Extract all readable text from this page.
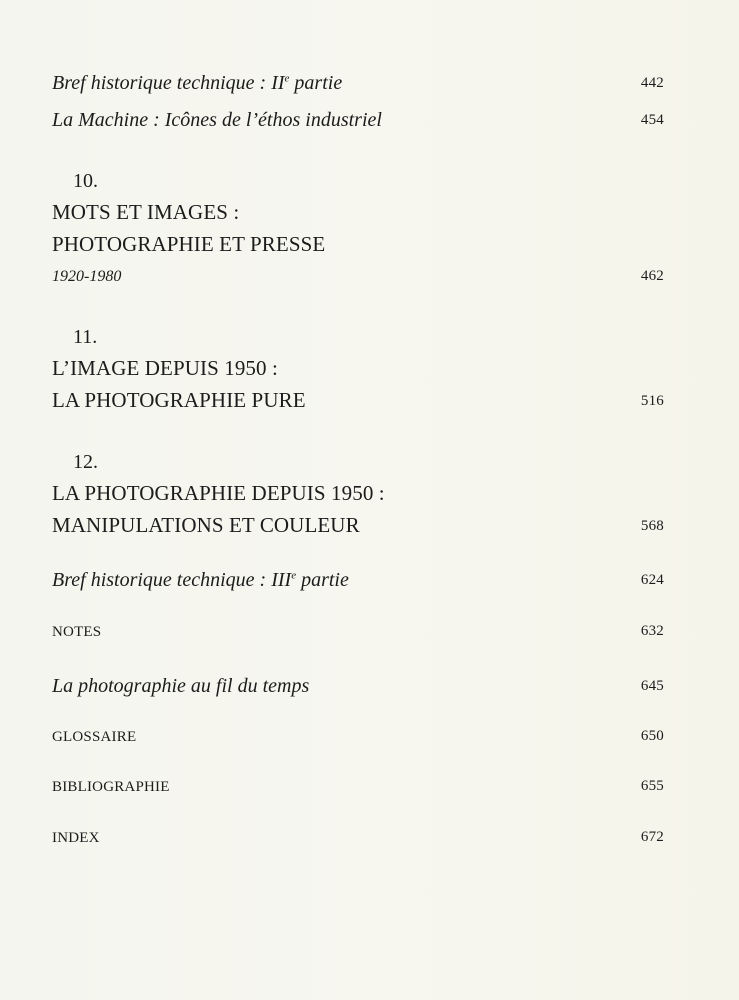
Bref historique technique : IIe partie	442
La Machine : Icônes de l’éthos industriel	454
10.
MOTS ET IMAGES :
PHOTOGRAPHIE ET PRESSE
1920-1980	462
11.
L’IMAGE DEPUIS 1950 :
LA PHOTOGRAPHIE PURE	516
12.
LA PHOTOGRAPHIE DEPUIS 1950 :
MANIPULATIONS ET COULEUR	568
Bref historique technique : IIIe partie	624
NOTES	632
La photographie au fil du temps	645
GLOSSAIRE	650
BIBLIOGRAPHIE	655
INDEX	672
